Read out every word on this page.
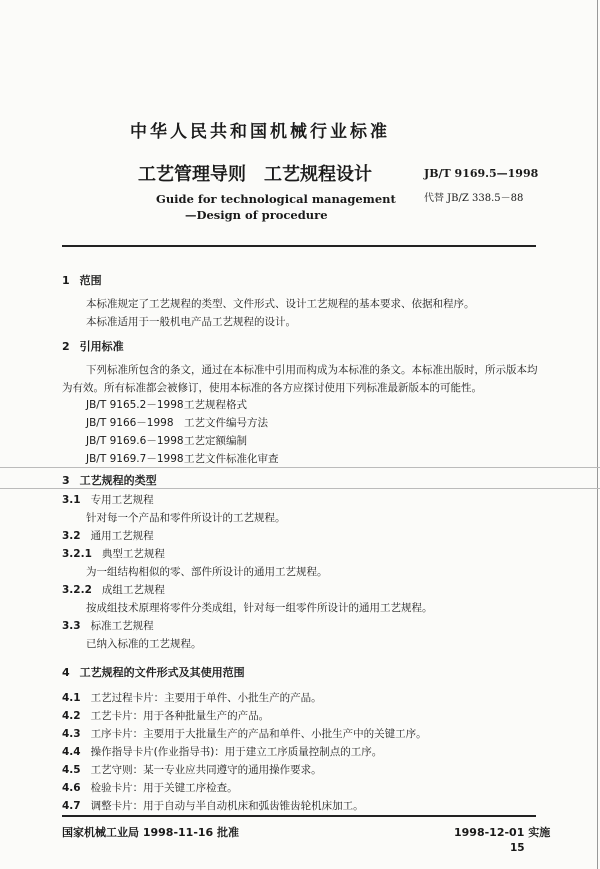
中华人民共和国机械行业标准
工艺管理导则　工艺规程设计
Guide for technological management
—Design of procedure
JB/T 9169.5—1998
代替 JB/Z 338.5－88
1 范围
本标准规定了工艺规程的类型、文件形式、设计工艺规程的基本要求、依据和程序。
本标准适用于一般机电产品工艺规程的设计。
2 引用标准
下列标准所包含的条文，通过在本标准中引用而构成为本标准的条文。本标准出版时，所示版本均
为有效。所有标准都会被修订，使用本标准的各方应探讨使用下列标准最新版本的可能性。
JB/T 9165.2－1998工艺规程格式
JB/T 9166－1998 工艺文件编号方法
JB/T 9169.6－1998工艺定额编制
JB/T 9169.7－1998工艺文件标准化审查
3 工艺规程的类型
3.1 专用工艺规程
针对每一个产品和零件所设计的工艺规程。
3.2 通用工艺规程
3.2.1 典型工艺规程
为一组结构相似的零、部件所设计的通用工艺规程。
3.2.2 成组工艺规程
按成组技术原理将零件分类成组，针对每一组零件所设计的通用工艺规程。
3.3 标准工艺规程
已纳入标准的工艺规程。
4 工艺规程的文件形式及其使用范围
4.1 工艺过程卡片：主要用于单件、小批生产的产品。
4.2 工艺卡片：用于各种批量生产的产品。
4.3 工序卡片：主要用于大批量生产的产品和单件、小批生产中的关键工序。
4.4 操作指导卡片(作业指导书)：用于建立工序质量控制点的工序。
4.5 工艺守则：某一专业应共同遵守的通用操作要求。
4.6 检验卡片：用于关键工序检查。
4.7 调整卡片：用于自动与半自动机床和弧齿锥齿轮机床加工。
国家机械工业局 1998-11-16 批准	1998-12-01 实施
15
